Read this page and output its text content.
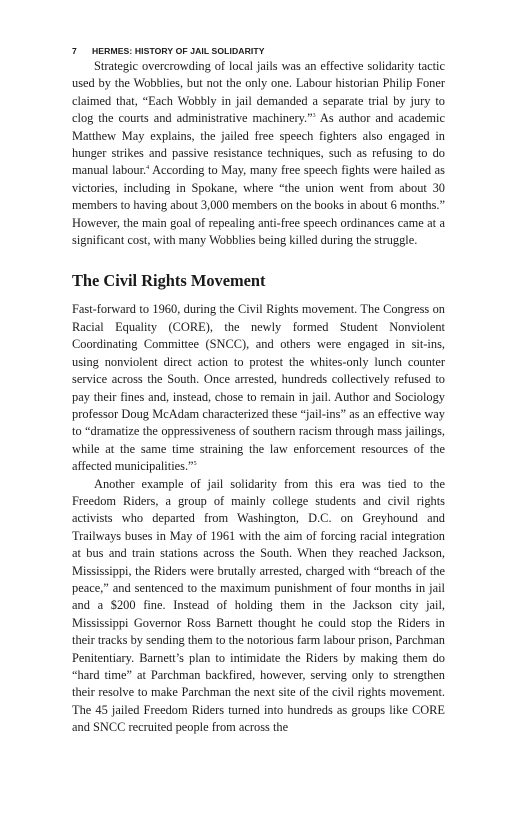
7 HERMES: HISTORY OF JAIL SOLIDARITY

Strategic overcrowding of local jails was an effective solidarity tactic used by the Wobblies, but not the only one. Labour historian Philip Foner claimed that, “Each Wobbly in jail demanded a separate trial by jury to clog the courts and administrative machinery.”$^3$ As author and academic Matthew May explains, the jailed free speech fighters also engaged in hunger strikes and passive resistance techniques, such as refusing to do manual labour.$^4$ According to May, many free speech fights were hailed as victories, including in Spokane, where “the union went from about 30 members to having about 3,000 members on the books in about 6 months.” However, the main goal of repealing anti-free speech ordinances came at a significant cost, with many Wobblies being killed during the struggle.

The Civil Rights Movement

Fast-forward to 1960, during the Civil Rights movement. The Congress on Racial Equality (CORE), the newly formed Student Nonviolent Coordinating Committee (SNCC), and others were engaged in sit-ins, using nonviolent direct action to protest the whites-only lunch counter service across the South. Once arrested, hundreds collectively refused to pay their fines and, instead, chose to remain in jail. Author and Sociology professor Doug McAdam characterized these “jail-ins” as an effective way to “dramatize the oppressiveness of southern racism through mass jailings, while at the same time straining the law enforcement resources of the affected municipalities.”$^5$

Another example of jail solidarity from this era was tied to the Freedom Riders, a group of mainly college students and civil rights activists who departed from Washington, D.C. on Greyhound and Trailways buses in May of 1961 with the aim of forcing racial integration at bus and train stations across the South. When they reached Jackson, Mississippi, the Riders were brutally arrested, charged with “breach of the peace,” and sentenced to the maximum punishment of four months in jail and a $200 fine. Instead of holding them in the Jackson city jail, Mississippi Governor Ross Barnett thought he could stop the Riders in their tracks by sending them to the notorious farm labour prison, Parchman Penitentiary. Barnett’s plan to intimidate the Riders by making them do “hard time” at Parchman backfired, however, serving only to strengthen their resolve to make Parchman the next site of the civil rights movement. The 45 jailed Freedom Riders turned into hundreds as groups like CORE and SNCC recruited people from across the
